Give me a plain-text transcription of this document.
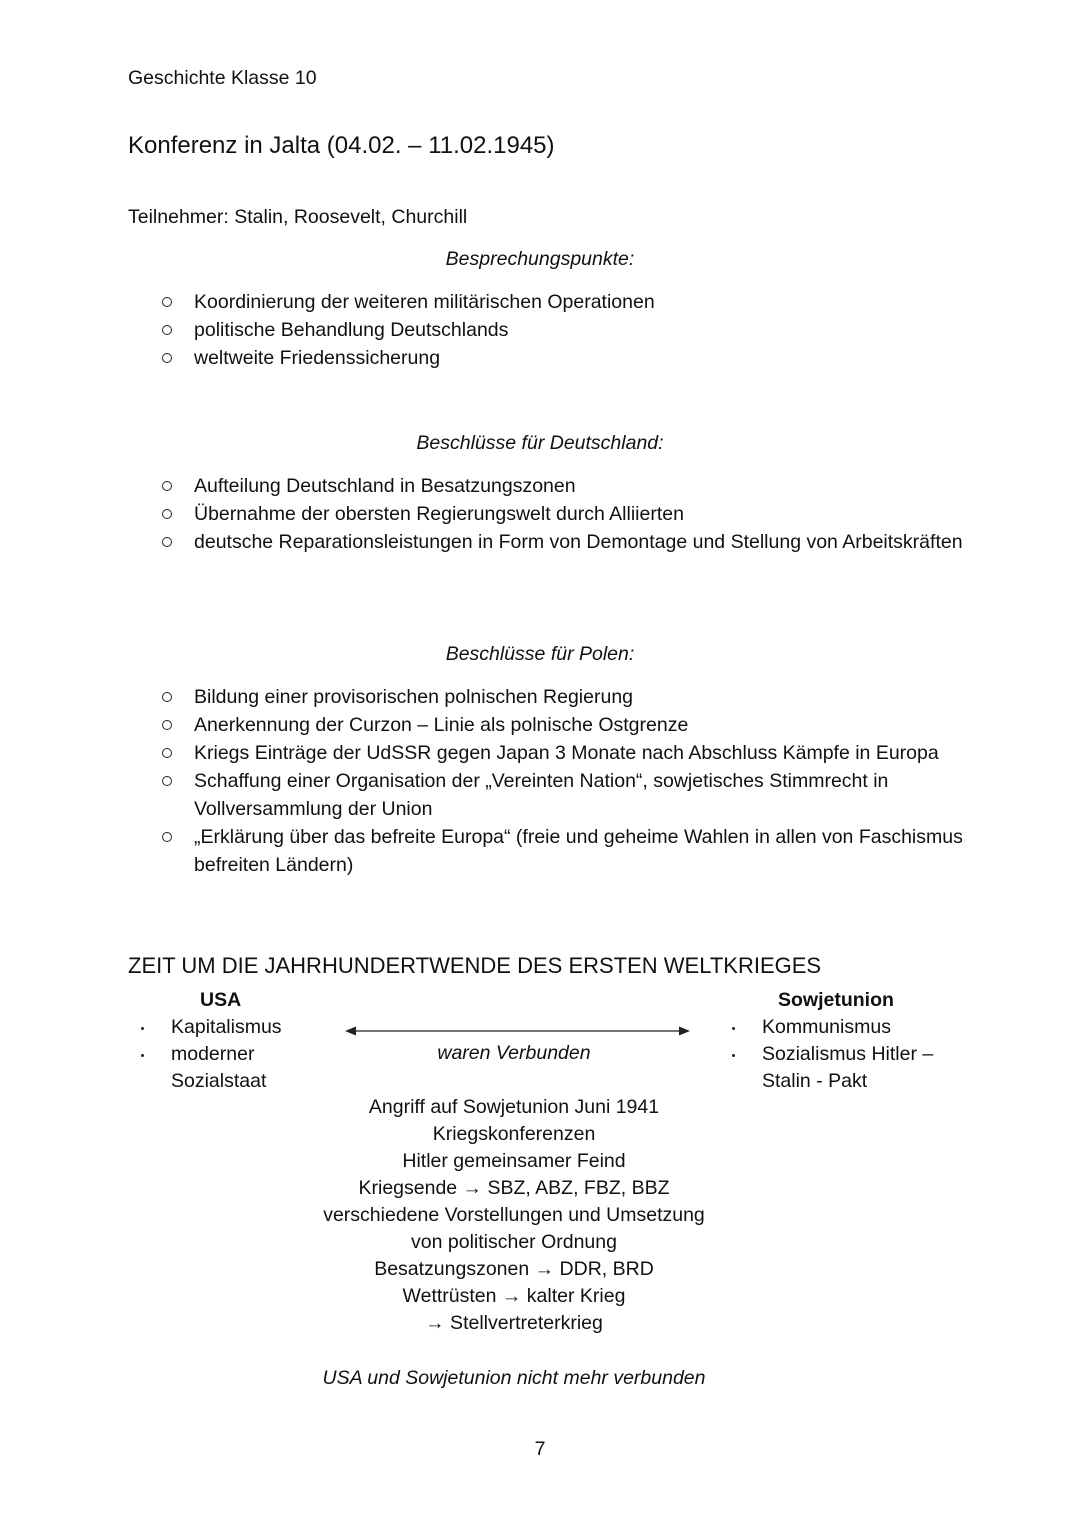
Geschichte Klasse 10
Konferenz in Jalta (04.02. – 11.02.1945)
Teilnehmer: Stalin, Roosevelt, Churchill
Besprechungspunkte:
Koordinierung der weiteren militärischen Operationen
politische Behandlung Deutschlands
weltweite Friedenssicherung
Beschlüsse für Deutschland:
Aufteilung Deutschland in Besatzungszonen
Übernahme der obersten Regierungswelt durch Alliierten
deutsche Reparationsleistungen in Form von Demontage und Stellung von Arbeitskräften
Beschlüsse für Polen:
Bildung einer provisorischen polnischen Regierung
Anerkennung der Curzon – Linie als polnische Ostgrenze
Kriegs Einträge der UdSSR gegen Japan 3 Monate nach Abschluss Kämpfe in Europa
Schaffung einer Organisation der „Vereinten Nation“, sowjetisches Stimmrecht in Vollversammlung der Union
„Erklärung über das befreite Europa“ (freie und geheime Wahlen in allen von Faschismus befreiten Ländern)
ZEIT UM DIE JAHRHUNDERTWENDE DES ERSTEN WELTKRIEGES
USA
Kapitalismus
moderner Sozialstaat
Sowjetunion
Kommunismus
Sozialismus Hitler – Stalin - Pakt
waren Verbunden
Angriff auf Sowjetunion Juni 1941
Kriegskonferenzen
Hitler gemeinsamer Feind
Kriegsende → SBZ, ABZ, FBZ, BBZ
verschiedene Vorstellungen und Umsetzung
von politischer Ordnung
Besatzungszonen → DDR, BRD
Wettrüsten → kalter Krieg
→ Stellvertreterkrieg
USA und Sowjetunion nicht mehr verbunden
7
